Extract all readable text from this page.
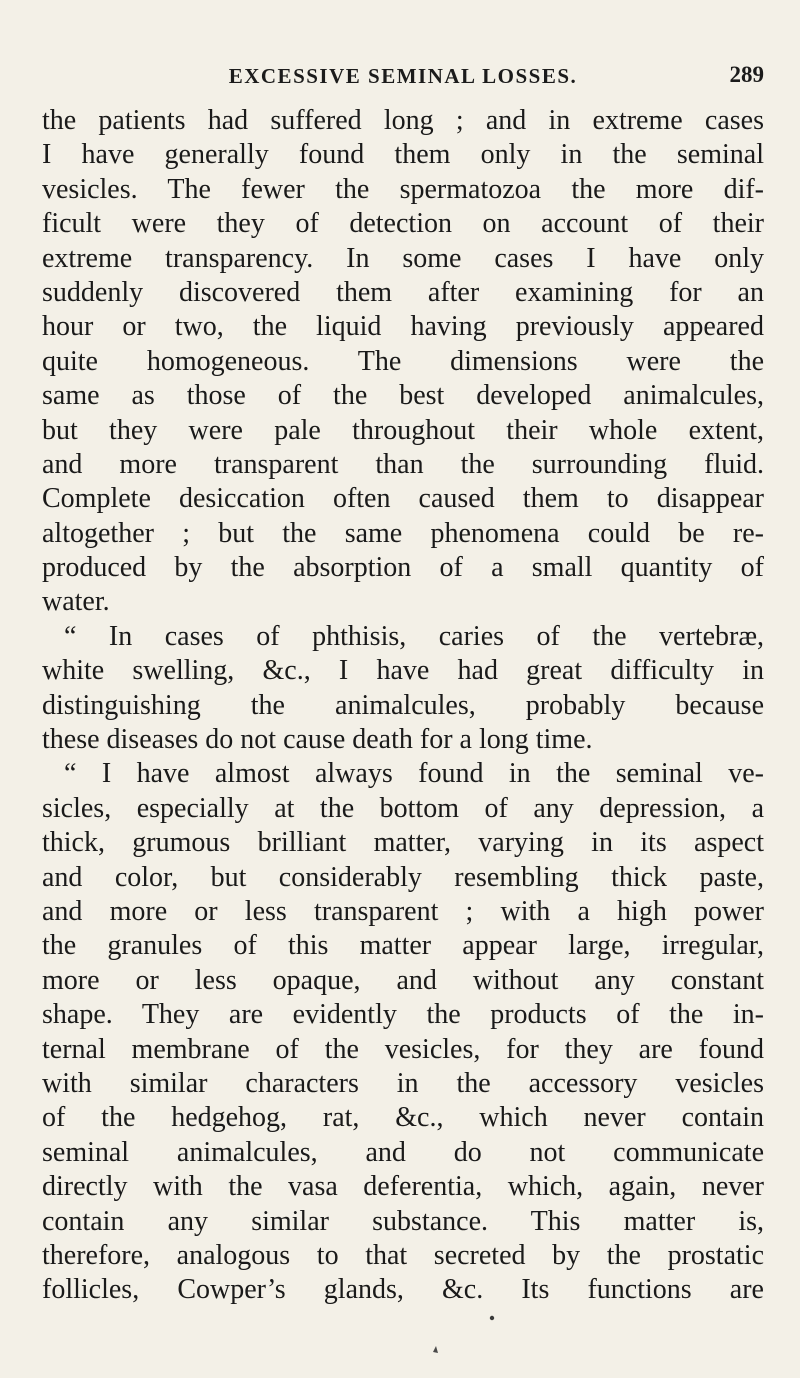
EXCESSIVE SEMINAL LOSSES.	289
the patients had suffered long ; and in extreme cases
I have generally found them only in the seminal
vesicles. The fewer the spermatozoa the more dif-
ficult were they of detection on account of their
extreme transparency. In some cases I have only
suddenly discovered them after examining for an
hour or two, the liquid having previously appeared
quite homogeneous. The dimensions were the
same as those of the best developed animalcules,
but they were pale throughout their whole extent,
and more transparent than the surrounding fluid.
Complete desiccation often caused them to disappear
altogether ; but the same phenomena could be re-
produced by the absorption of a small quantity of
water.
“ In cases of phthisis, caries of the vertebræ,
white swelling, &c., I have had great difficulty in
distinguishing the animalcules, probably because
these diseases do not cause death for a long time.
“ I have almost always found in the seminal ve-
sicles, especially at the bottom of any depression, a
thick, grumous brilliant matter, varying in its aspect
and color, but considerably resembling thick paste,
and more or less transparent ; with a high power
the granules of this matter appear large, irregular,
more or less opaque, and without any constant
shape. They are evidently the products of the in-
ternal membrane of the vesicles, for they are found
with similar characters in the accessory vesicles
of the hedgehog, rat, &c., which never contain
seminal animalcules, and do not communicate
directly with the vasa deferentia, which, again, never
contain any similar substance. This matter is,
therefore, analogous to that secreted by the prostatic
follicles, Cowper’s glands, &c. Its functions are
